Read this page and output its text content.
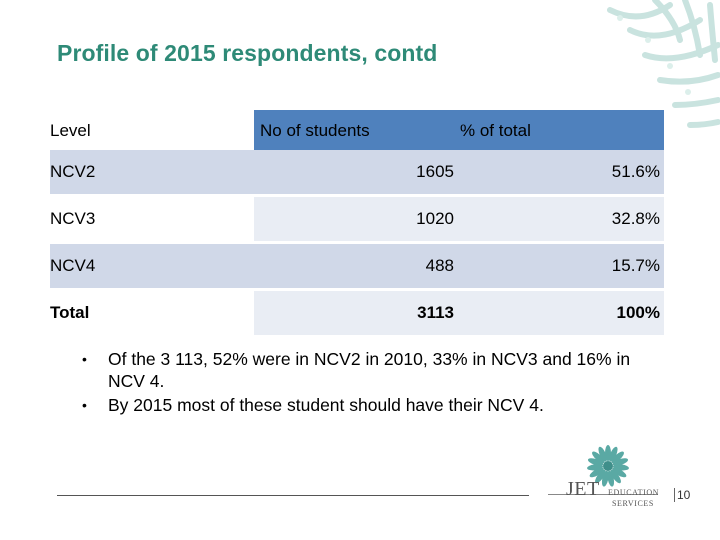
Profile of 2015 respondents, contd
Level	No of students	% of total
NCV2	1605	51.6%

NCV3	1020	32.8%

NCV4	488	15.7%

Total	3113	100%
• Of the 3 113, 52% were in NCV2 in 2010, 33% in NCV3 and 16% in NCV 4.
• By 2015 most of these student should have their NCV 4.
JET EDUCATION
SERVICES
10
